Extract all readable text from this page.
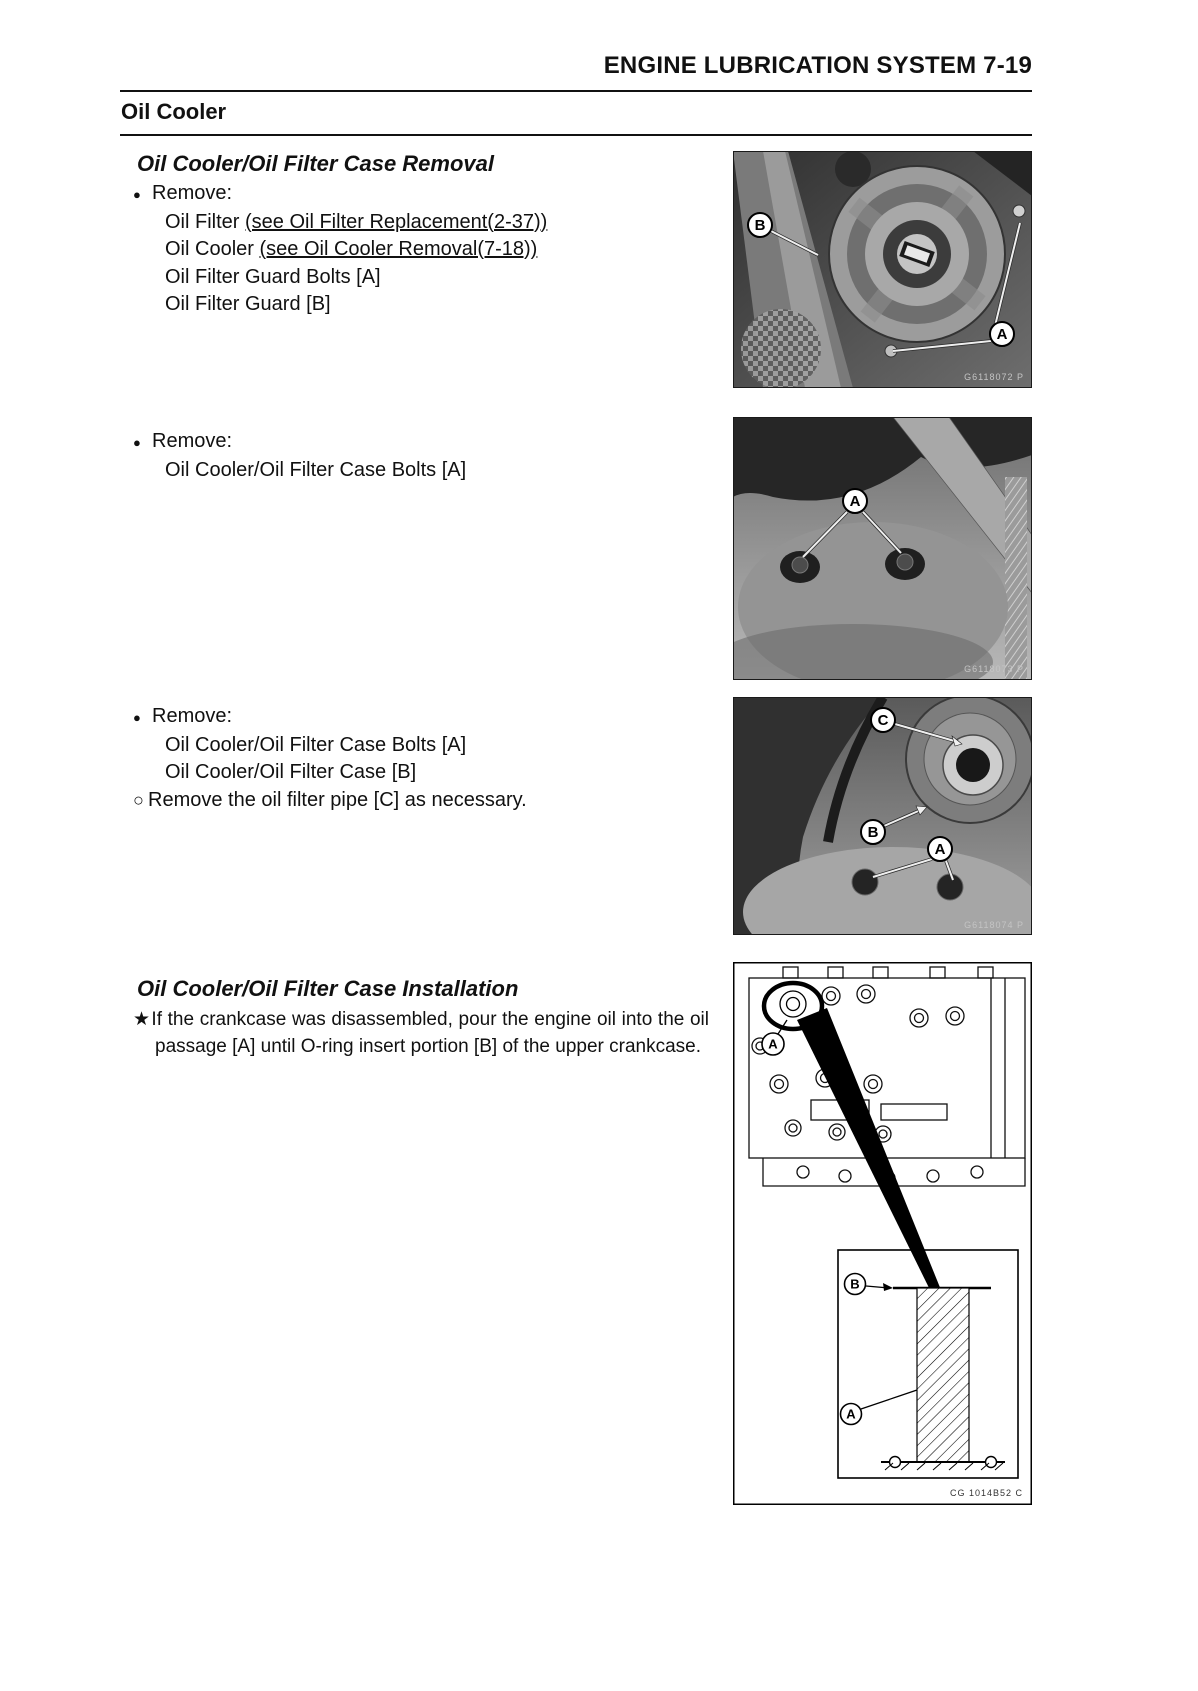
ENGINE LUBRICATION SYSTEM 7-19
Oil Cooler
Oil Cooler/Oil Filter Case Removal
● Remove:
Oil Filter (see Oil Filter Replacement(2-37))
Oil Cooler (see Oil Cooler Removal(7-18))
Oil Filter Guard Bolts [A]
Oil Filter Guard [B]
● Remove:
Oil Cooler/Oil Filter Case Bolts [A]
● Remove:
Oil Cooler/Oil Filter Case Bolts [A]
Oil Cooler/Oil Filter Case [B]
○ Remove the oil filter pipe [C] as necessary.
Oil Cooler/Oil Filter Case Installation

★If the crankcase was disassembled, pour the engine oil into the oil passage [A] until O-ring insert portion [B] of the upper crankcase.

B
A
G6118072 P
A
G6118073 P
C
B
A
G6118074 P
A
B
A
CG 1014B52 C
